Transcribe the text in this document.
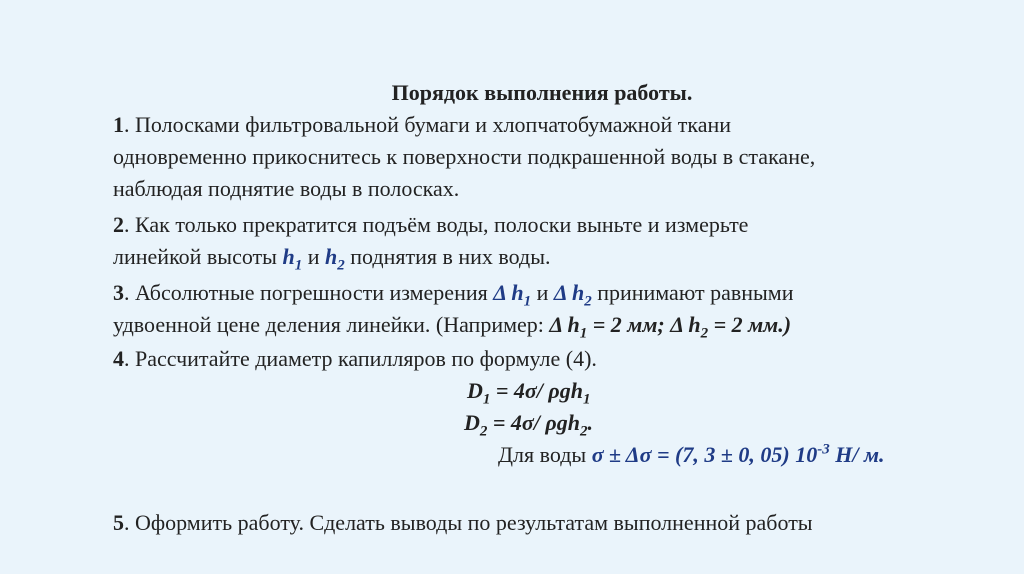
Порядок выполнения работы.
1. Полосками фильтровальной бумаги и хлопчатобумажной ткани
одновременно прикоснитесь к поверхности подкрашенной воды в стакане,
наблюдая поднятие воды в полосках.
2. Как только прекратится подъём воды, полоски выньте и измерьте
линейкой высоты $h_1$ и $h_2$ поднятия в них воды.
3. Абсолютные погрешности измерения Δ $h_1$ и Δ $h_2$ принимают равными
удвоенной цене деления линейки. (Например: Δ $h_1 = 2$ мм; Δ $h_2 = 2$ мм.)
4. Рассчитайте диаметр капилляров по формуле (4).
$D_1 = 4\sigma/$ ρgh$_1$
$D_2 = 4\sigma/$ ρgh$_2$.
Для воды σ ± Δσ = (7, 3 ± 0, 05) $10^{-3}$ Н/ м.
5. Оформить работу. Сделать выводы по результатам выполненной работы
